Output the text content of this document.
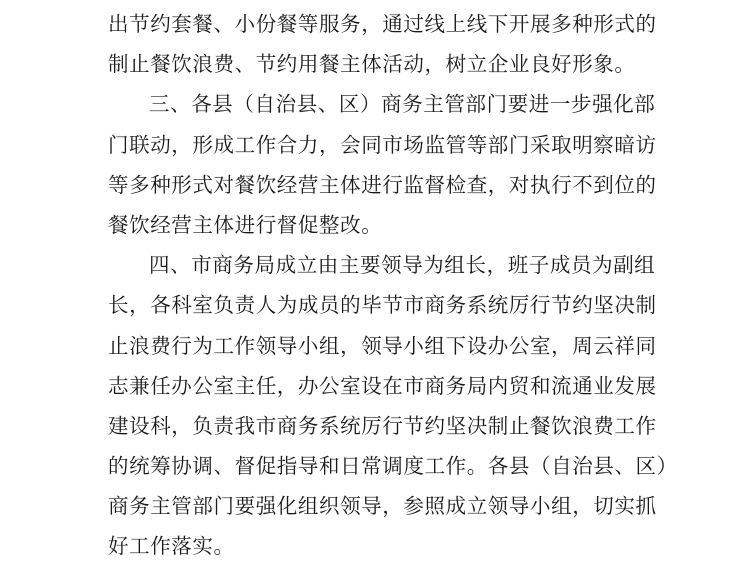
出节约套餐、小份餐等服务，通过线上线下开展多种形式的
制止餐饮浪费、节约用餐主体活动，树立企业良好形象。
三、各县（自治县、区）商务主管部门要进一步强化部
门联动，形成工作合力，会同市场监管等部门采取明察暗访
等多种形式对餐饮经营主体进行监督检查，对执行不到位的
餐饮经营主体进行督促整改。
四、市商务局成立由主要领导为组长，班子成员为副组
长，各科室负责人为成员的毕节市商务系统厉行节约坚决制
止浪费行为工作领导小组，领导小组下设办公室，周云祥同
志兼任办公室主任，办公室设在市商务局内贸和流通业发展
建设科，负责我市商务系统厉行节约坚决制止餐饮浪费工作
的统筹协调、督促指导和日常调度工作。各县（自治县、区）
商务主管部门要强化组织领导，参照成立领导小组，切实抓
好工作落实。
